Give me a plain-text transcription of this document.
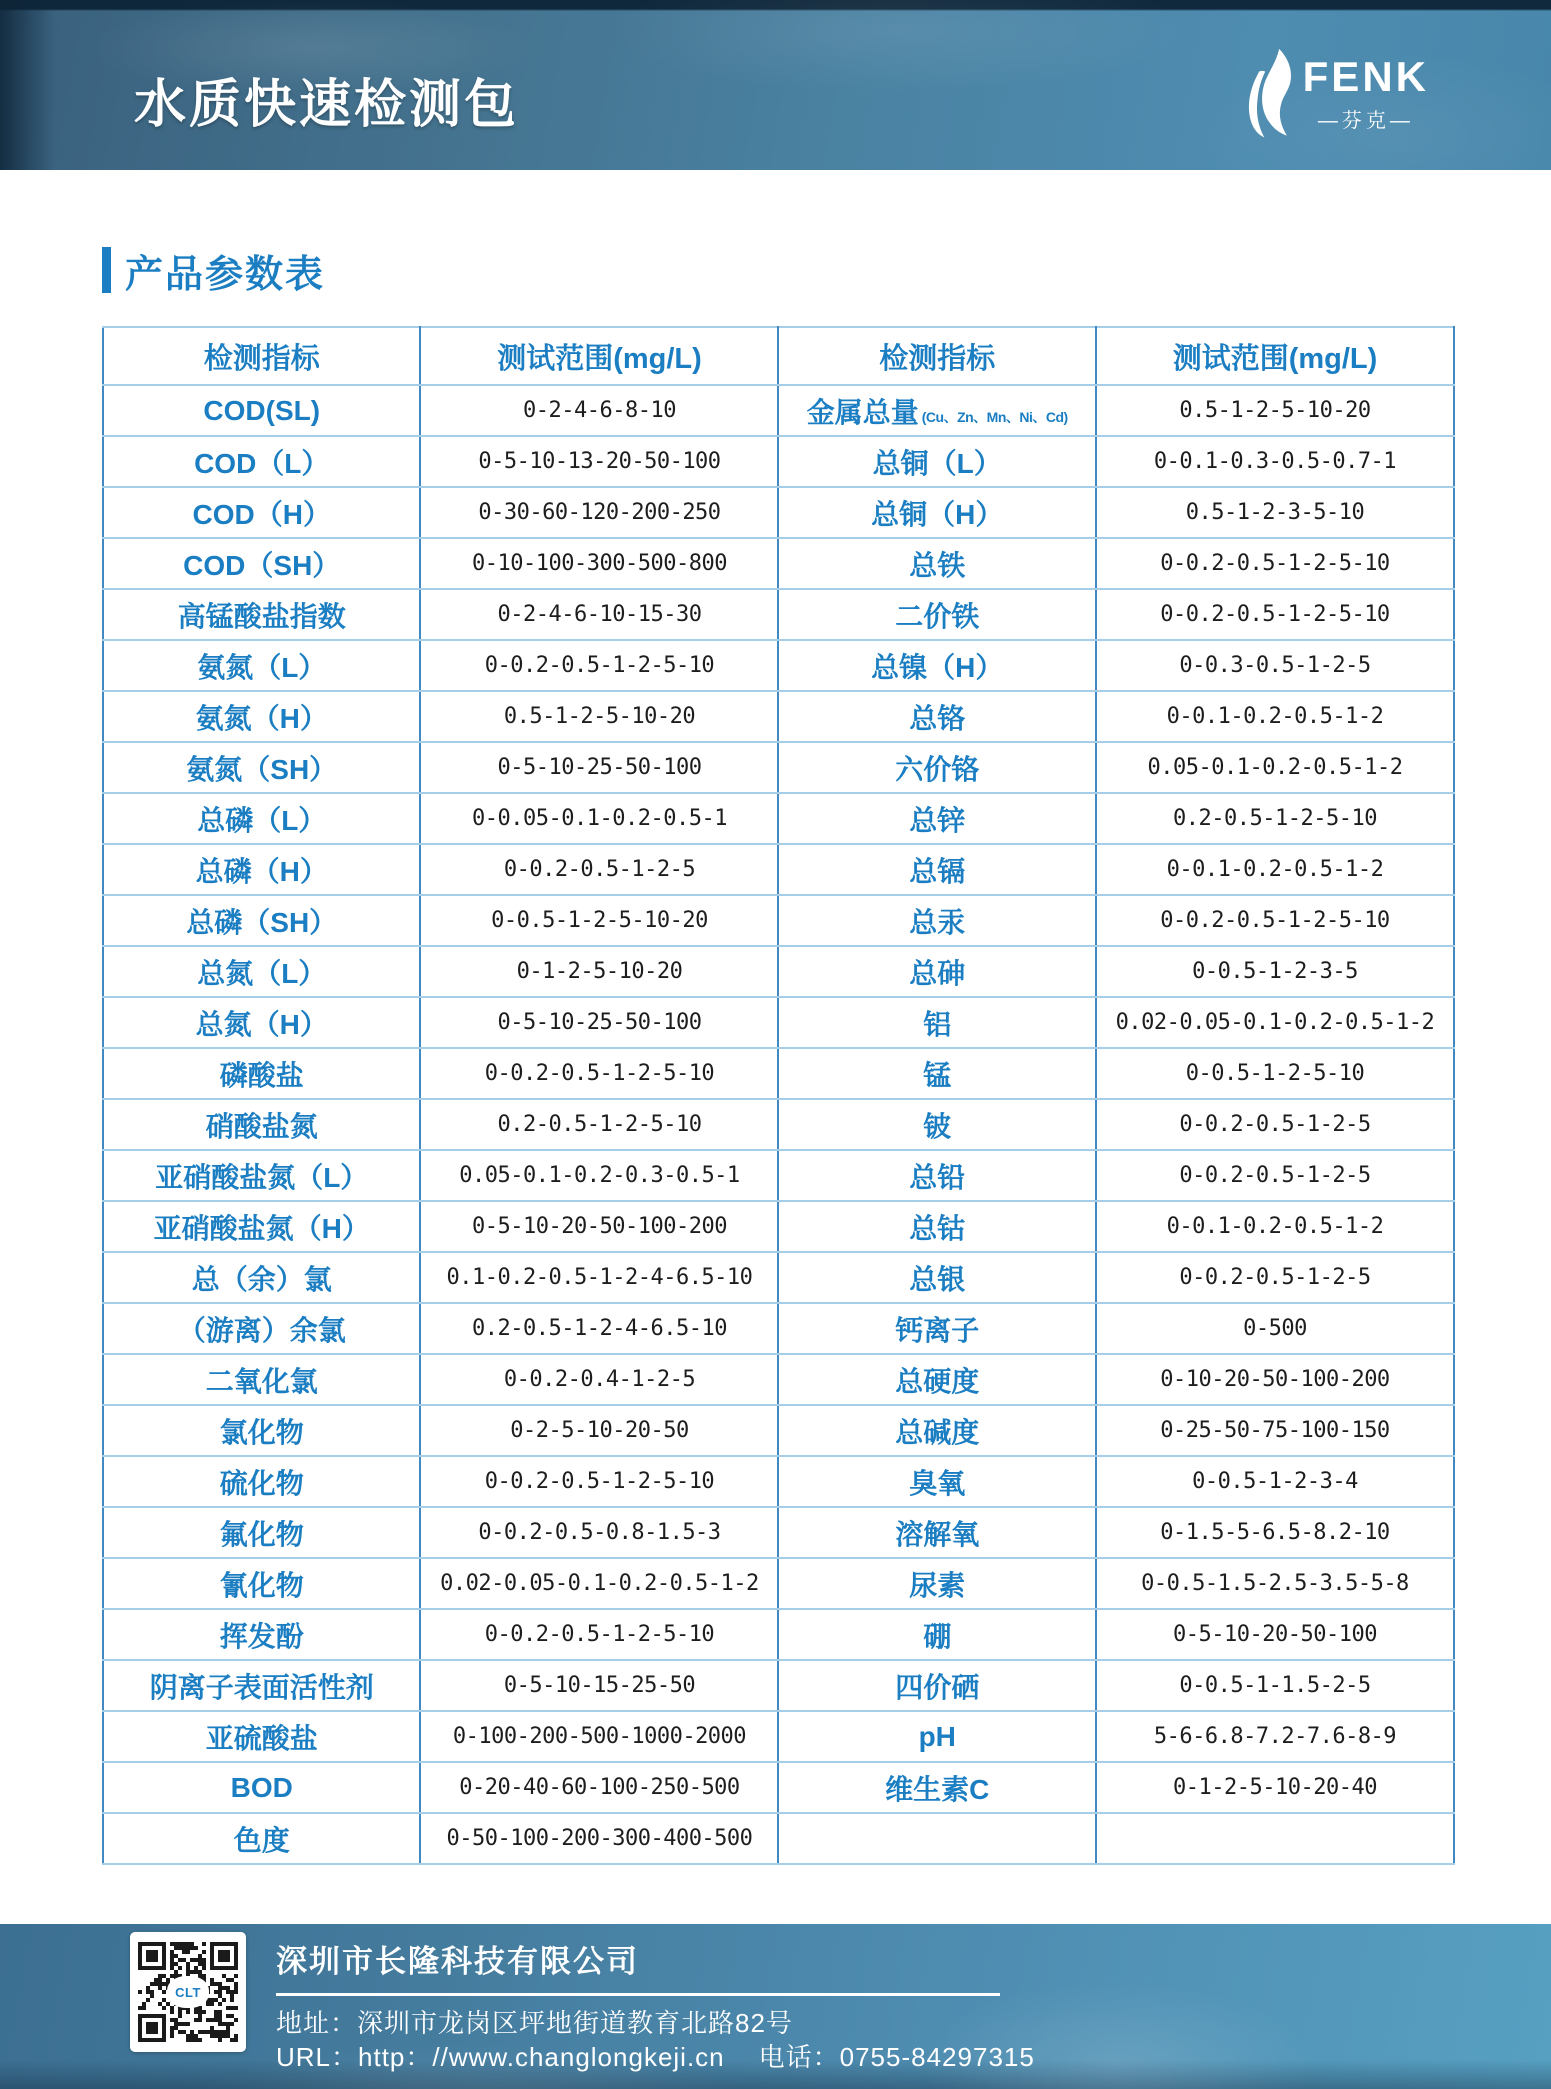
水质快速检测包	FENK
—芬克—
产品参数表
检测指标	测试范围(mg/L)	检测指标	测试范围(mg/L)
COD(SL)	0-2-4-6-8-10	金属总量 (Cu、Zn、Mn、Ni、Cd)	0.5-1-2-5-10-20
COD（L）	0-5-10-13-20-50-100	总铜（L）	0-0.1-0.3-0.5-0.7-1
COD（H）	0-30-60-120-200-250	总铜（H）	0.5-1-2-3-5-10
COD（SH）	0-10-100-300-500-800	总铁	0-0.2-0.5-1-2-5-10
高锰酸盐指数	0-2-4-6-10-15-30	二价铁	0-0.2-0.5-1-2-5-10
氨氮（L）	0-0.2-0.5-1-2-5-10	总镍（H）	0-0.3-0.5-1-2-5
氨氮（H）	0.5-1-2-5-10-20	总铬	0-0.1-0.2-0.5-1-2
氨氮（SH）	0-5-10-25-50-100	六价铬	0.05-0.1-0.2-0.5-1-2
总磷（L）	0-0.05-0.1-0.2-0.5-1	总锌	0.2-0.5-1-2-5-10
总磷（H）	0-0.2-0.5-1-2-5	总镉	0-0.1-0.2-0.5-1-2
总磷（SH）	0-0.5-1-2-5-10-20	总汞	0-0.2-0.5-1-2-5-10
总氮（L）	0-1-2-5-10-20	总砷	0-0.5-1-2-3-5
总氮（H）	0-5-10-25-50-100	铝	0.02-0.05-0.1-0.2-0.5-1-2
磷酸盐	0-0.2-0.5-1-2-5-10	锰	0-0.5-1-2-5-10
硝酸盐氮	0.2-0.5-1-2-5-10	铍	0-0.2-0.5-1-2-5
亚硝酸盐氮（L）	0.05-0.1-0.2-0.3-0.5-1	总铅	0-0.2-0.5-1-2-5
亚硝酸盐氮（H）	0-5-10-20-50-100-200	总钴	0-0.1-0.2-0.5-1-2
总（余）氯	0.1-0.2-0.5-1-2-4-6.5-10	总银	0-0.2-0.5-1-2-5
（游离）余氯	0.2-0.5-1-2-4-6.5-10	钙离子	0-500
二氧化氯	0-0.2-0.4-1-2-5	总硬度	0-10-20-50-100-200
氯化物	0-2-5-10-20-50	总碱度	0-25-50-75-100-150
硫化物	0-0.2-0.5-1-2-5-10	臭氧	0-0.5-1-2-3-4
氟化物	0-0.2-0.5-0.8-1.5-3	溶解氧	0-1.5-5-6.5-8.2-10
氰化物	0.02-0.05-0.1-0.2-0.5-1-2	尿素	0-0.5-1.5-2.5-3.5-5-8
挥发酚	0-0.2-0.5-1-2-5-10	硼	0-5-10-20-50-100
阴离子表面活性剂	0-5-10-15-25-50	四价硒	0-0.5-1-1.5-2-5
亚硫酸盐	0-100-200-500-1000-2000	pH	5-6-6.8-7.2-7.6-8-9
BOD	0-20-40-60-100-250-500	维生素C	0-1-2-5-10-20-40
色度	0-50-100-200-300-400-500		
CLT

深圳市长隆科技有限公司

地址：深圳市龙岗区坪地街道教育北路82号
URL：http：//www.changlongkeji.cn 电话：0755-84297315
